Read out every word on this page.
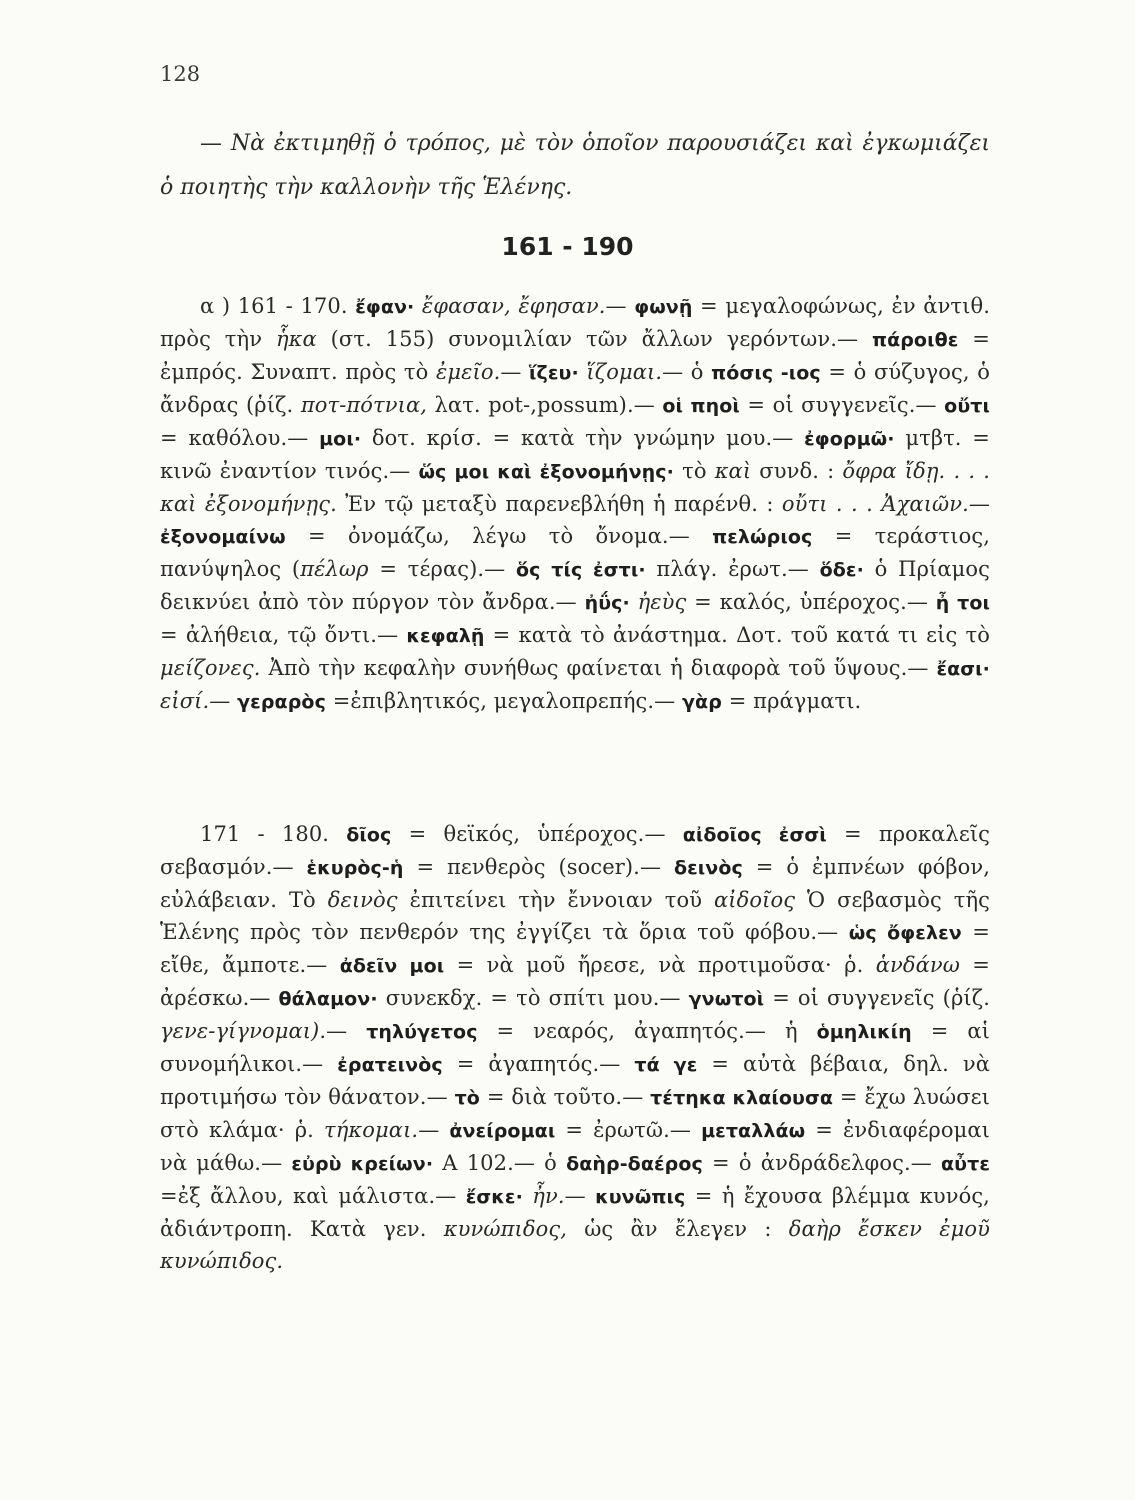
128
— Νὰ ἐκτιμηθῇ ὁ τρόπος, μὲ τὸν ὁποῖον παρουσιάζει καὶ ἐγκωμιάζει ὁ ποιητὴς τὴν καλλονὴν τῆς Ἑλένης.
161 - 190
α ) 161 - 170. ἔφαν· ἔφασαν, ἔφησαν.— φωνῇ = μεγαλοφώνως, ἐν ἀντιθ. πρὸς τὴν ἧκα (στ. 155) συνομιλίαν τῶν ἄλλων γερόντων.— πάροιθε = ἐμπρός. Συναπτ. πρὸς τὸ ἐμεῖο.— ἵζευ· ἵζομαι.— ὁ πόσις -ιος = ὁ σύζυγος, ὁ ἄνδρας (ῥίζ. ποτ-πότνια, λατ. pot-,possum).— οἱ πηοὶ = οἱ συγγενεῖς.— οὔτι = καθόλου.— μοι· δοτ. κρίσ. = κατὰ τὴν γνώμην μου.— ἐφορμῶ· μτβτ. = κινῶ ἐναντίον τινός.— ὥς μοι καὶ ἐξονομήνῃς· τὸ καὶ συνδ. : ὄφρα ἴδῃ. . . . καὶ ἐξονομήνῃς. Ἐν τῷ μεταξὺ παρενεβλήθη ἡ παρένθ. : οὔτι . . . Ἀχαιῶν.— ἐξονομαίνω = ὀνομάζω, λέγω τὸ ὄνομα.— πελώριος = τεράστιος, πανύψηλος (πέλωρ = τέρας).— ὅς τίς ἐστι· πλάγ. ἐρωτ.— ὅδε· ὁ Πρίαμος δεικνύει ἀπὸ τὸν πύργον τὸν ἄνδρα.— ἠΰς· ἠεὺς = καλός, ὑπέροχος.— ἦ τοι = ἀλήθεια, τῷ ὄντι.— κεφαλῇ = κατὰ τὸ ἀνάστημα. Δοτ. τοῦ κατά τι εἰς τὸ μείζονες. Ἀπὸ τὴν κεφαλὴν συνήθως φαίνεται ἡ διαφορὰ τοῦ ὕψους.— ἔασι· εἰσί.— γεραρὸς =ἐπιβλητικός, μεγαλοπρεπής.— γὰρ = πράγματι.
171 - 180. δῖος = θεϊκός, ὑπέροχος.— αἰδοῖος ἐσσὶ = προκαλεῖς σεβασμόν.— ἑκυρὸς-ἡ = πενθερὸς (socer).— δεινὸς = ὁ ἐμπνέων φόβον, εὐλάβειαν. Τὸ δεινὸς ἐπιτείνει τὴν ἔννοιαν τοῦ αἰδοῖος Ὁ σεβασμὸς τῆς Ἑλένης πρὸς τὸν πενθερόν της ἐγγίζει τὰ ὅρια τοῦ φόβου.— ὡς ὄφελεν = εἴθε, ἄμποτε.— ἀδεῖν μοι = νὰ μοῦ ἤρεσε, νὰ προτιμοῦσα· ῥ. ἁνδάνω = ἀρέσκω.— θάλαμον· συνεκδχ. = τὸ σπίτι μου.— γνωτοὶ = οἱ συγγενεῖς (ῥίζ. γενε-γίγνομαι).— τηλύγετος = νεαρός, ἀγαπητός.— ἡ ὁμηλικίη = αἱ συνομήλικοι.— ἐρατεινὸς = ἀγαπητός.— τά γε = αὐτὰ βέβαια, δηλ. νὰ προτιμήσω τὸν θάνατον.— τὸ = διὰ τοῦτο.— τέτηκα κλαίουσα = ἔχω λυώσει στὸ κλάμα· ῥ. τήκομαι.— ἀνείρομαι = ἐρωτῶ.— μεταλλάω = ἐνδιαφέρομαι νὰ μάθω.— εὐρὺ κρείων· Α 102.— ὁ δαὴρ-δαέρος = ὁ ἀνδράδελφος.— αὖτε =ἐξ ἄλλου, καὶ μάλιστα.— ἔσκε· ἦν.— κυνῶπις = ἡ ἔχουσα βλέμμα κυνός, ἀδιάντροπη. Κατὰ γεν. κυνώπιδος, ὡς ἂν ἔλεγεν : δαὴρ ἔσκεν ἐμοῦ κυνώπιδος.
